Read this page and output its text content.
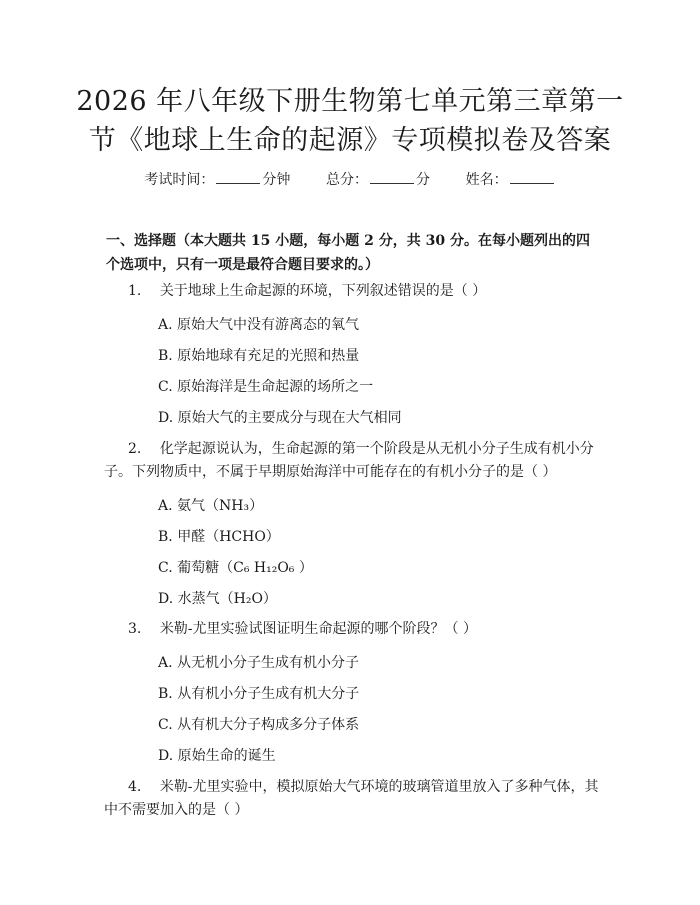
2026 年八年级下册生物第七单元第三章第一
节《地球上生命的起源》专项模拟卷及答案
考试时间：	分钟	总分：	分	姓名：
一、选择题（本大题共 15 小题，每小题 2 分，共 30 分。在每小题列出的四个选项中，只有一项是最符合题目要求的。）
1. 关于地球上生命起源的环境，下列叙述错误的是（ ）
A. 原始大气中没有游离态的氧气
B. 原始地球有充足的光照和热量
C. 原始海洋是生命起源的场所之一
D. 原始大气的主要成分与现在大气相同
2. 化学起源说认为，生命起源的第一个阶段是从无机小分子生成有机小分
子。下列物质中，不属于早期原始海洋中可能存在的有机小分子的是（ ）
A. 氨气（NH₃）
B. 甲醛（HCHO）
C. 葡萄糖（C₆ H₁₂O₆ ）
D. 水蒸气（H₂O）
3. 米勒-尤里实验试图证明生命起源的哪个阶段？（ ）
A. 从无机小分子生成有机小分子
B. 从有机小分子生成有机大分子
C. 从有机大分子构成多分子体系
D. 原始生命的诞生
4. 米勒-尤里实验中，模拟原始大气环境的玻璃管道里放入了多种气体，其
中不需要加入的是（ ）
